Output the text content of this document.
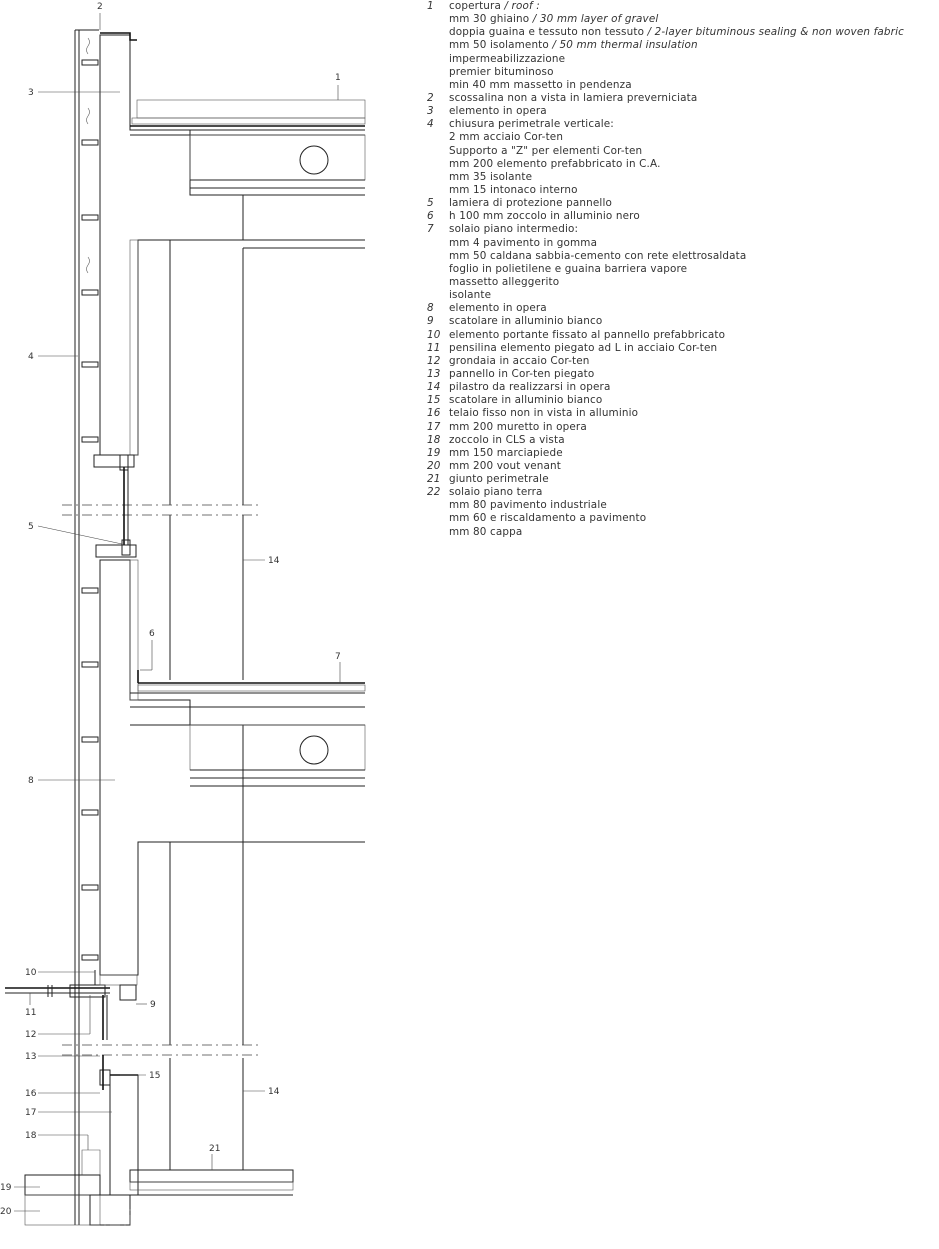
1
2
3
4
5
6
7
8
9
10
11
12
13
14
14
15
16
17
18
19
20
21
1 copertura / roof :
mm 30 ghiaino / 30 mm layer of gravel
doppia guaina e tessuto non tessuto / 2-layer bituminous sealing & non woven fabric
mm 50 isolamento / 50 mm thermal insulation
impermeabilizzazione
premier bituminoso
min 40 mm massetto in pendenza
2 scossalina non a vista in lamiera preverniciata
3 elemento in opera
4 chiusura perimetrale verticale:
2 mm acciaio Cor-ten
Supporto a "Z" per elementi Cor-ten
mm 200 elemento prefabbricato in C.A.
mm 35 isolante
mm 15 intonaco interno
5 lamiera di protezione pannello
6 h 100 mm zoccolo in alluminio nero
7 solaio piano intermedio:
mm 4 pavimento in gomma
mm 50 caldana sabbia-cemento con rete elettrosaldata
foglio in polietilene e guaina barriera vapore
massetto alleggerito
isolante
8 elemento in opera
9 scatolare in alluminio bianco
10 elemento portante fissato al pannello prefabbricato
11 pensilina elemento piegato ad L in acciaio Cor-ten
12 grondaia in accaio Cor-ten
13 pannello in Cor-ten piegato
14 pilastro da realizzarsi in opera
15 scatolare in alluminio bianco
16 telaio fisso non in vista in alluminio
17 mm 200 muretto in opera
18 zoccolo in CLS a vista
19 mm 150 marciapiede
20 mm 200 vout venant
21 giunto perimetrale
22 solaio piano terra
mm 80 pavimento industriale
mm 60 e riscaldamento a pavimento
mm 80 cappa
